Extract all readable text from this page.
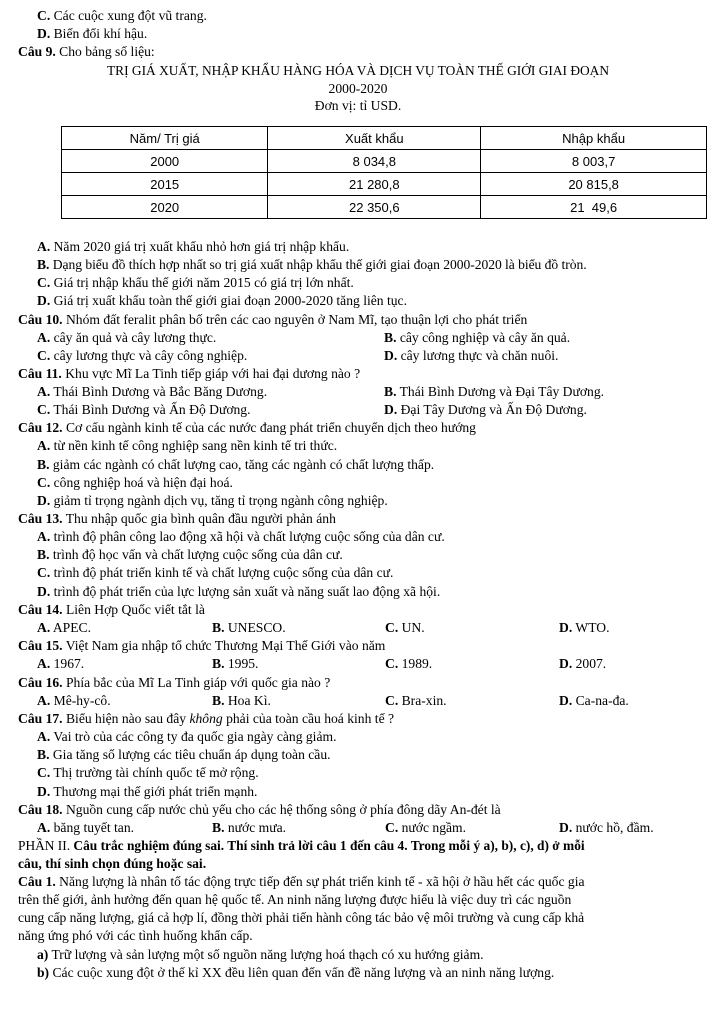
C. Các cuộc xung đột vũ trang.
D. Biến đổi khí hậu.
Câu 9. Cho bảng số liệu:
TRỊ GIÁ XUẤT, NHẬP KHẨU HÀNG HÓA VÀ DỊCH VỤ TOÀN THẾ GIỚI GIAI ĐOẠN
2000-2020
Đơn vị: tỉ USD.
Năm/ Trị giá	Xuất khẩu	Nhập khẩu
2000	8 034,8	8 003,7
2015	21 280,8	20 815,8
2020	22 350,6	21  49,6
A. Năm 2020 giá trị xuất khẩu nhỏ hơn giá trị nhập khẩu.
B. Dạng biểu đồ thích hợp nhất so trị giá xuất nhập khẩu thế giới giai đoạn 2000-2020 là biểu đồ tròn.
C. Giá trị nhập khẩu thế giới năm 2015 có giá trị lớn nhất.
D. Giá trị xuất khẩu toàn thế giới giai đoạn 2000-2020 tăng liên tục.
Câu 10. Nhóm đất feralit phân bố trên các cao nguyên ở Nam Mĩ, tạo thuận lợi cho phát triển
A. cây ăn quả và cây lương thực.	B. cây công nghiệp và cây ăn quả.
C. cây lương thực và cây công nghiệp.	D. cây lương thực và chăn nuôi.
Câu 11. Khu vực Mĩ La Tinh tiếp giáp với hai đại dương nào ?
A. Thái Bình Dương và Bắc Băng Dương.	B. Thái Bình Dương và Đại Tây Dương.
C. Thái Bình Dương và Ấn Độ Dương.	D. Đại Tây Dương và Ấn Độ Dương.
Câu 12. Cơ cấu ngành kinh tế của các nước đang phát triển chuyển dịch theo hướng
A. từ nền kinh tế công nghiệp sang nền kinh tế tri thức.
B. giảm các ngành có chất lượng cao, tăng các ngành có chất lượng thấp.
C. công nghiệp hoá và hiện đại hoá.
D. giảm tỉ trọng ngành dịch vụ, tăng tỉ trọng ngành công nghiệp.
Câu 13. Thu nhập quốc gia bình quân đầu người phản ánh
A. trình độ phân công lao động xã hội và chất lượng cuộc sống của dân cư.
B. trình độ học vấn và chất lượng cuộc sống của dân cư.
C. trình độ phát triển kinh tế và chất lượng cuộc sống của dân cư.
D. trình độ phát triển của lực lượng sản xuất và năng suất lao động xã hội.
Câu 14. Liên Hợp Quốc viết tắt là
A. APEC.	B. UNESCO.	C. UN.	D. WTO.
Câu 15. Việt Nam gia nhập tổ chức Thương Mại Thế Giới vào năm
A. 1967.	B. 1995.	C. 1989.	D. 2007.
Câu 16. Phía bắc của Mĩ La Tinh giáp với quốc gia nào ?
A. Mê-hy-cô.	B. Hoa Kì.	C. Bra-xin.	D. Ca-na-đa.
Câu 17. Biểu hiện nào sau đây không phải của toàn cầu hoá kinh tế ?
A. Vai trò của các công ty đa quốc gia ngày càng giảm.
B. Gia tăng số lượng các tiêu chuẩn áp dụng toàn cầu.
C. Thị trường tài chính quốc tế mở rộng.
D. Thương mại thế giới phát triển mạnh.
Câu 18. Nguồn cung cấp nước chủ yếu cho các hệ thống sông ở phía đông dãy An-đét là
A. băng tuyết tan.	B. nước mưa.	C. nước ngầm.	D. nước hồ, đầm.
PHẦN II. Câu trắc nghiệm đúng sai. Thí sinh trả lời câu 1 đến câu 4. Trong mỗi ý a), b), c), d) ở mỗi
câu, thí sinh chọn đúng hoặc sai.
Câu 1. Năng lượng là nhân tố tác động trực tiếp đến sự phát triển kinh tế - xã hội ở hầu hết các quốc gia
trên thế giới, ảnh hưởng đến quan hệ quốc tế. An ninh năng lượng được hiểu là việc duy trì các nguồn
cung cấp năng lượng, giá cả hợp lí, đồng thời phải tiến hành công tác bảo vệ môi trường và cung cấp khả
năng ứng phó với các tình huống khẩn cấp.
a) Trữ lượng và sản lượng một số nguồn năng lượng hoá thạch có xu hướng giảm.
b) Các cuộc xung đột ở thế kỉ XX đều liên quan đến vấn đề năng lượng và an ninh năng lượng.
